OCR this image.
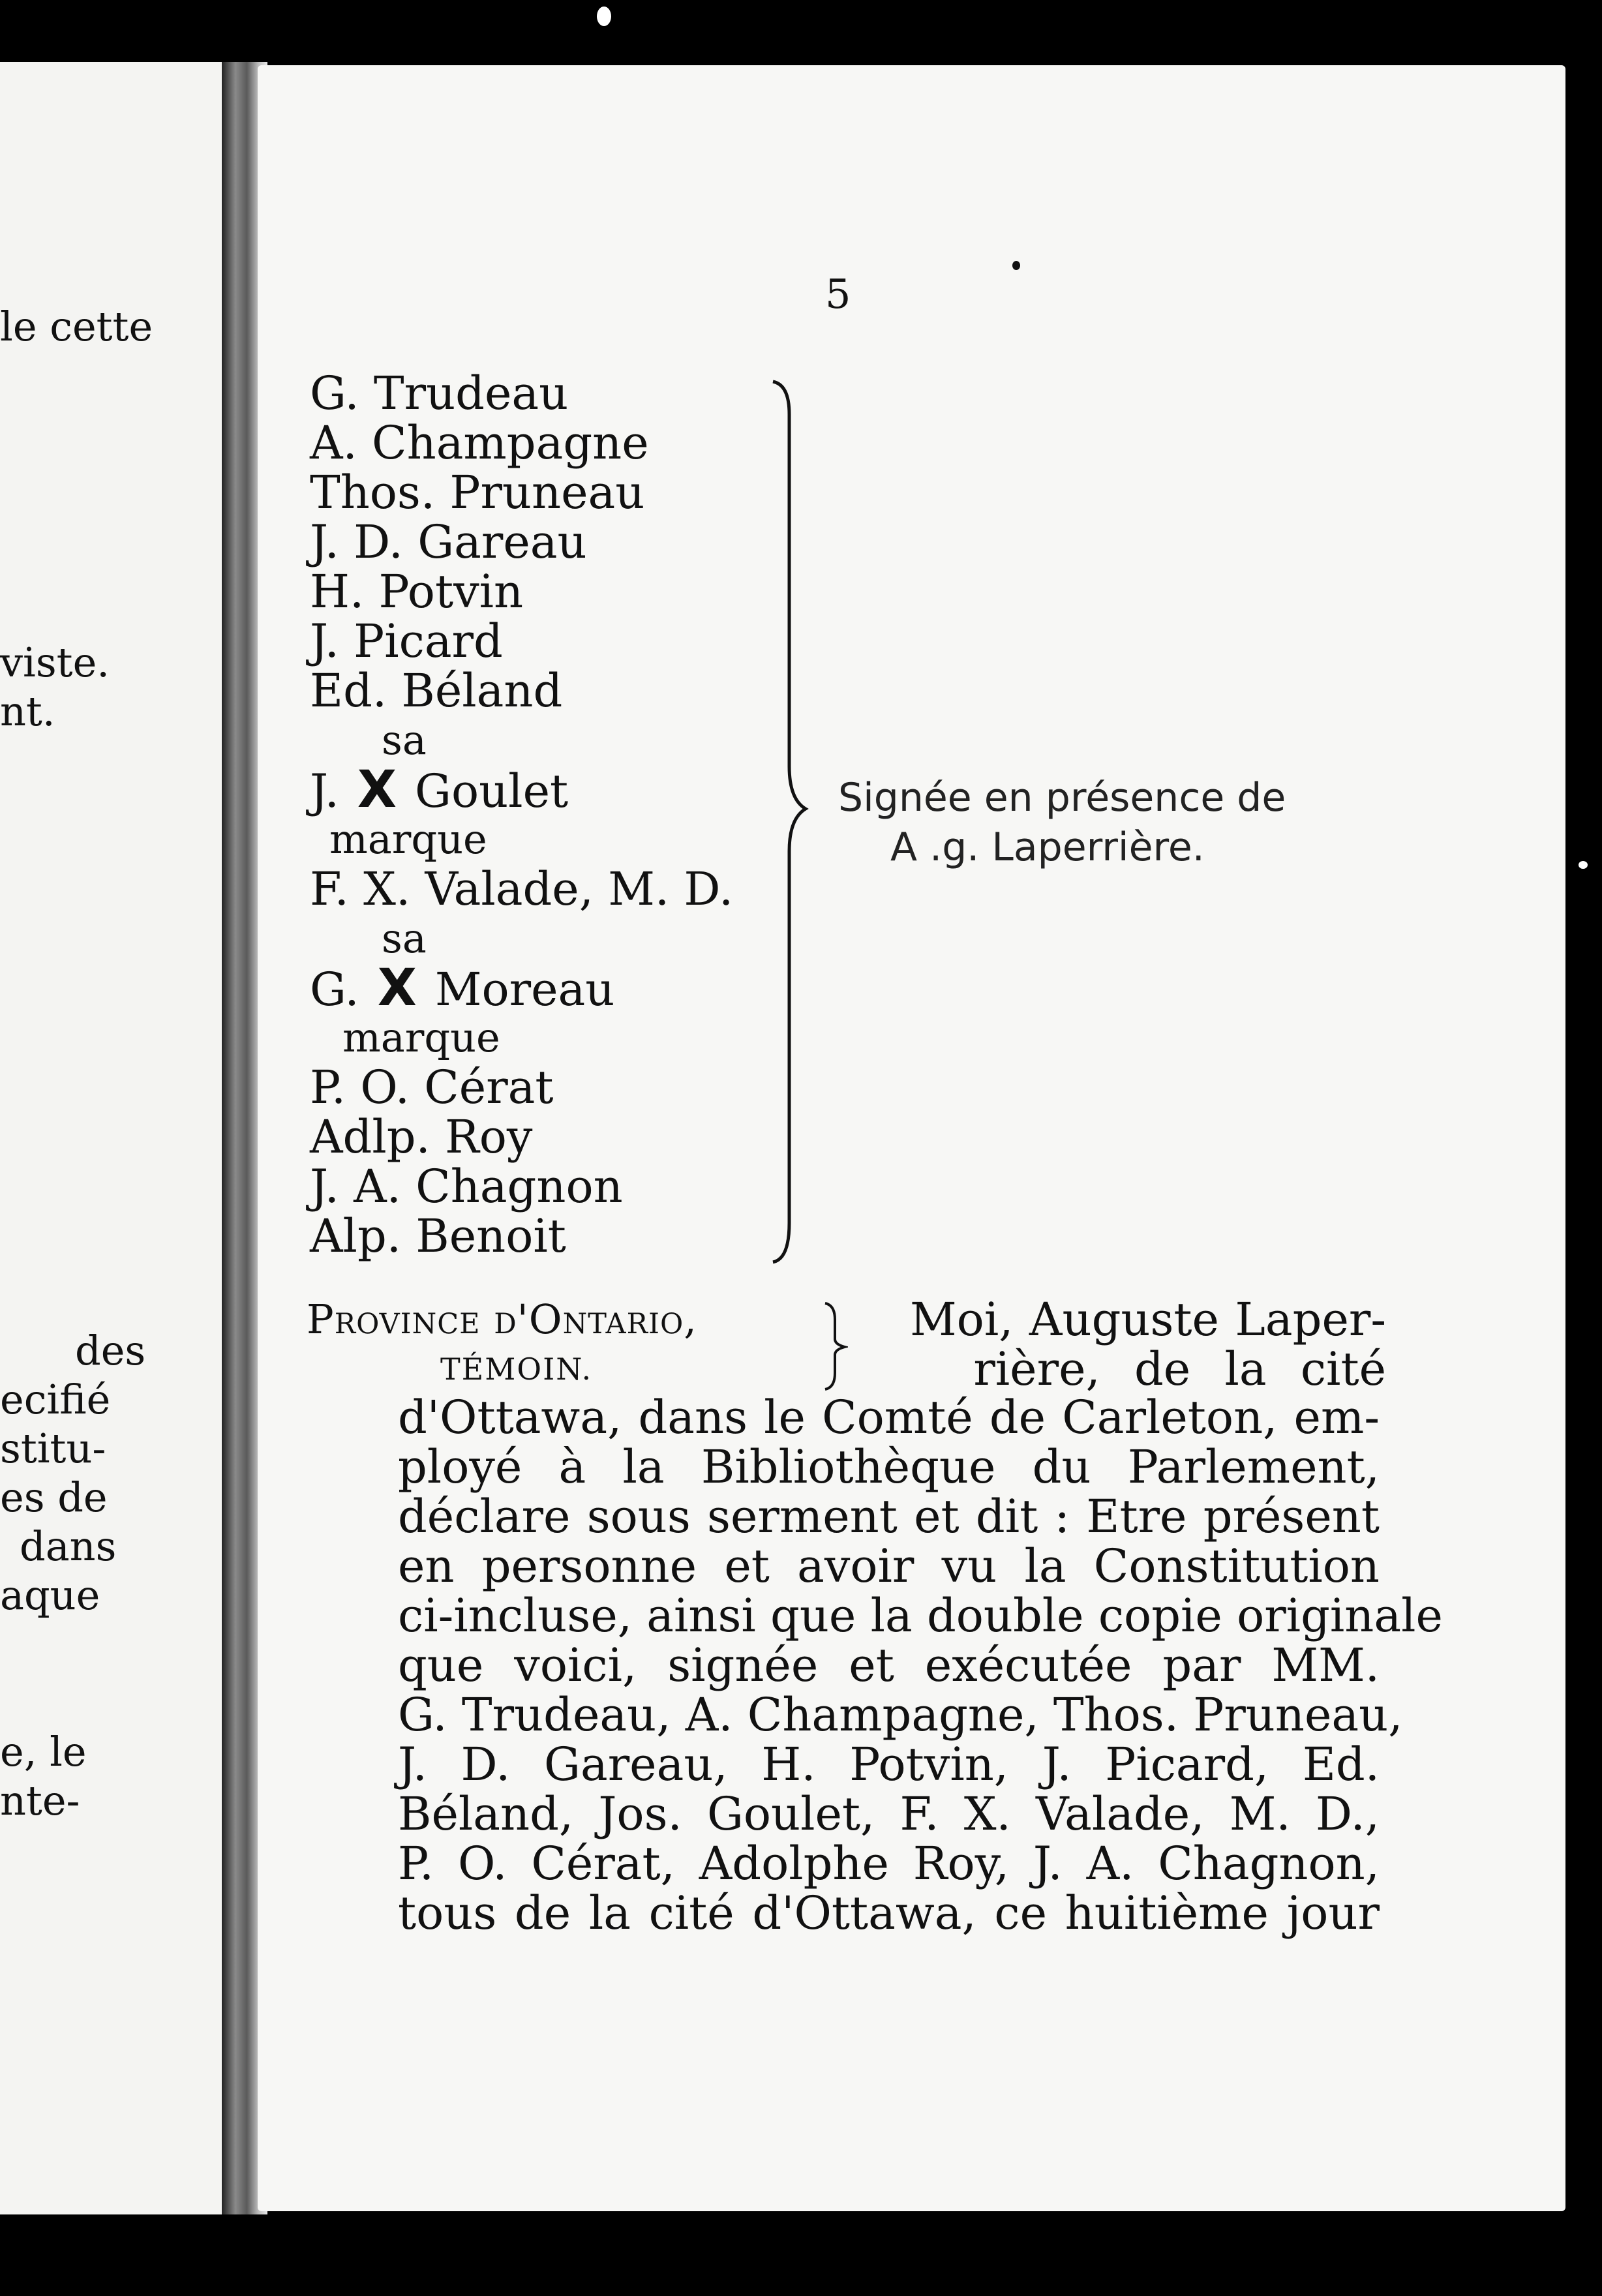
le cette
viste.
nt.
des
ecifié
stitu-
es de
dans
aque
e, le
nte-
5
G. Trudeau
A. Champagne
Thos. Pruneau
J. D. Gareau
H. Potvin
J. Picard
Ed. Béland
sa
J. X Goulet
marque
F. X. Valade, M. D.
sa
G. X Moreau
marque
P. O. Cérat
Adlp. Roy
J. A. Chagnon
Alp. Benoit
Signée en présence de
A .g. Laperrière.
Province d'Ontario,
TÉMOIN.
Moi, Auguste Laper-
rière, de la cité
d'Ottawa, dans le Comté de Carleton, em-
ployé à la Bibliothèque du Parlement,
déclare sous serment et dit : Etre présent
en personne et avoir vu la Constitution
ci-incluse, ainsi que la double copie originale
que voici, signée et exécutée par MM.
G. Trudeau, A. Champagne, Thos. Pruneau,
J. D. Gareau, H. Potvin, J. Picard, Ed.
Béland, Jos. Goulet, F. X. Valade, M. D.,
P. O. Cérat, Adolphe Roy, J. A. Chagnon,
tous de la cité d'Ottawa, ce huitième jour
